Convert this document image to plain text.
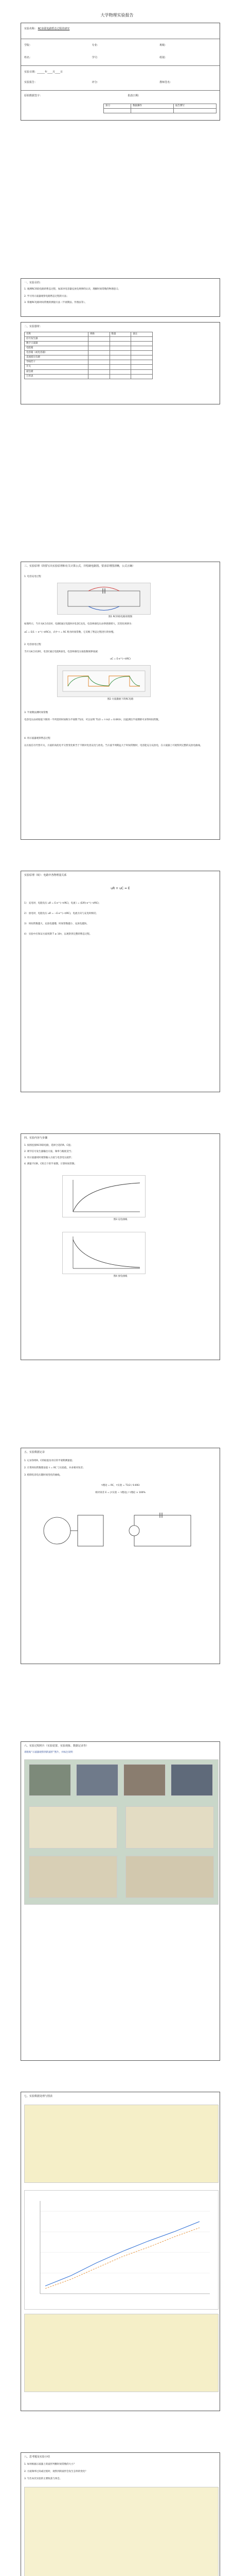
大学物理实验报告
实验名称： RC串联电路暂态过程的研究
学院：	专业：	班级：
姓名：	学号：	组别：
实验日期：______年____月____日
实验报告：	评分：	教师签名：
原始数据签字：	批改日期：
预习	数据操作	报告撰写

一、实验目的：
1. 观测RC串联电路的暂态过程，加深对电容器充放电规律的认识，理解时间常数的物理意义；
2. 学习用示波器观察电路暂态过程的方法；
3. 掌握RC电路时间常数的测量方法（半衰期法、作图法等）。
二、实验器材：
名称	规格	数量	备注
信号发生器			
数字示波器			
电阻箱			
电容箱（或电容器）			
直流稳压电源			
导线若干			
开关			
面包板			
万用表			
三、实验原理（简要写出实验原理和有关计算公式，并绘制电路图。要求原理图清晰，公式正确）
1. 电容充电过程
图1 RC串联电路原理图
如图所示，当开关K合向1时，电源E通过电阻R对电容C充电，电容两端电压由零逐渐增大，其变化规律为：
uC = E(1 − e^(−t/RC))，式中 τ = RC 称为时间常数，它反映了暂态过程进行的快慢。
2. 电容放电过程
当开关K合向2时，电容C通过电阻R放电，电容两端电压按指数规律衰减：
uC = E·e^(−t/RC)
图2 方波激励下的RC电路
3. 半衰期法测时间常数
电容电压由初始值下降到一半所需的时间称为半衰期 T1/2，可以证明 T1/2 = τ·ln2 = 0.693τ，因此测出半衰期即可求得时间常数。
4. 用示波器观察暂态过程
以方波信号代替开关，方波的高低电平交替变化相当于不断对电容充电与放电。当方波半周期远大于时间常数时，电容能充分充放电，在示波器上可观察到完整的充放电曲线。
实验原理（续）：电路中各物理量关系
uR + uC = E
1） 充电时，电阻电压 uR = E·e^(−t/RC)，电流 i = (E/R)·e^(−t/RC)；
2） 放电时，电阻电压 uR = −E·e^(−t/RC)，电流方向与充电时相反；
3） 时间常数越大，充放电越慢；时间常数越小，充放电越快。
4） 实验中应保证方波周期 T ≥ 10τ，以观察到完整的暂态过程。
四、实验内容与步骤
1. 按图连接RC串联电路，选择合适的R、C值；
2. 调节信号发生器输出方波，频率与幅度适当；
3. 用示波器同时观察输入方波与电容电压波形；
4. 测量不同R、C组合下的半衰期，计算时间常数；
图3 充电曲线
图4 放电曲线
五、实验数据记录
1. 记录各组R、C的取值及对应的半衰期测量值；
2. 计算时间常数理论值 τ = RC 与实验值，并求相对误差；
3. 绘制电容电压随时间变化的曲线。
τ理论 = RC，τ实验 = T1/2 / 0.693
相对误差 E = |τ实验 − τ理论| / τ理论 × 100%
六、实验过程照片（实验装置、实验现象、数据记录等）
请粘贴“示波器观察到的波形”照片，并标注说明
七、实验数据处理与图表
八、思考题及实验小结
1. 如何根据示波器上的波形判断时间常数的大小？
2. 方波频率过高或过低时，观察到的波形会发生怎样的变化？
3. 写出本次实验的主要收获与体会。
